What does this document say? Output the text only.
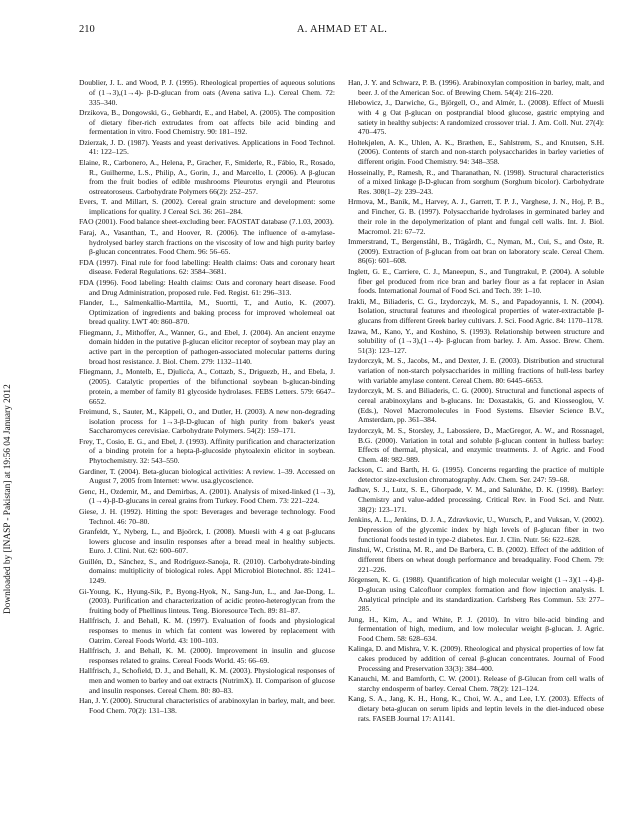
210	A. AHMAD ET AL.
Downloaded by [INASP - Pakistan] at 19:56 04 January 2012

Doublier, J. L. and Wood, P. J. (1995). Rheological properties of aqueous solutions of (1→3),(1→4)- β-D-glucan from oats (Avena sativa L.). Cereal Chem. 72: 335–340.

Drzikova, B., Dongowski, G., Gebhardt, E., and Habel, A. (2005). The composition of dietary fiber-rich extrudates from oat affects bile acid binding and fermentation in vitro. Food Chemistry. 90: 181–192.

Dzierzak, J. D. (1987). Yeasts and yeast derivatives. Applications in Food Technol. 41: 122–125.

Elaine, R., Carbonero, A., Helena, P., Gracher, F., Smiderle, R., Fábio, R., Rosado, R., Guilherme, L.S., Philip, A., Gorin, J., and Marcello, I. (2006). A β-glucan from the fruit bodies of edible mushrooms Pleurotus eryngii and Pleurotus ostreatoroseus. Carbohydrate Polymers 66(2): 252–257.

Evers, T. and Millart, S. (2002). Cereal grain structure and development: some implications for quality. J Cereal Sci. 36: 261–284.

FAO (2001). Food balance sheet-excluding beer. FAOSTAT database (7.1.03, 2003).

Faraj, A., Vasanthan, T., and Hoover, R. (2006). The influence of α-amylase-hydrolysed barley starch fractions on the viscosity of low and high purity barley β-glucan concentrates. Food Chem. 96: 56–65.

FDA (1997). Final rule for food labelling: Health claims: Oats and coronary heart disease. Federal Regulations. 62: 3584–3681.

FDA (1996). Food labeling: Health claims: Oats and coronary heart disease. Food and Drug Administration, proposed rule. Fed. Regist. 61: 296–313.

Flander, L., Salmenkallio-Marttila, M., Suortti, T., and Autio, K. (2007). Optimization of ingredients and baking process for improved wholemeal oat bread quality. LWT 40: 860–870.

Fliegmann, J., Mithoffer, A., Wanner, G., and Ebel, J. (2004). An ancient enzyme domain hidden in the putative β-glucan elicitor receptor of soybean may play an active part in the perception of pathogen-associated molecular patterns during broad host resistance. J. Biol. Chem. 279: 1132–1140.

Fliegmann, J., Montelb, E., Djulicća, A., Cottazb, S., Driguezb, H., and Ebela, J. (2005). Catalytic properties of the bifunctional soybean b-glucan-binding protein, a member of family 81 glycoside hydrolases. FEBS Letters. 579: 6647–6652.

Freimund, S., Sauter, M., Käppeli, O., and Dutler, H. (2003). A new non-degrading isolation process for 1→3-β-D-glucan of high purity from baker's yeast Saccharomyces cerevisiae. Carbohydrate Polymers. 54(2): 159–171.

Frey, T., Cosio, E. G., and Ebel, J. (1993). Affinity purification and characterization of a binding protein for a hepta-β-glucoside phytoalexin elicitor in soybean. Phytochemistry. 32: 543–550.

Gardiner, T. (2004). Beta-glucan biological activities: A review. 1–39. Accessed on August 7, 2005 from Internet: www. usa.glycoscience.

Genc, H., Ozdemir, M., and Demirbas, A. (2001). Analysis of mixed-linked (1→3), (1→4)-β-D-glucans in cereal grains from Turkey. Food Chem. 73: 221–224.

Giese, J. H. (1992). Hitting the spot: Beverages and beverage technology. Food Technol. 46: 70–80.

Granfeldt, Y., Nyberg, L., and Bjoörck, I. (2008). Muesli with 4 g oat β-glucans lowers glucose and insulin responses after a bread meal in healthy subjects. Euro. J. Clini. Nut. 62: 600–607.

Guillén, D., Sánchez, S., and Rodríguez-Sanoja, R. (2010). Carbohydrate-binding domains: multiplicity of biological roles. Appl Microbiol Biotechnol. 85: 1241–1249.

Gi-Young, K., Hyung-Sik, P., Byong-Hyok, N., Sang-Jun, L., and Jae-Dong, L. (2003). Purification and characterization of acidic proteo-heteroglycan from the fruiting body of Phellinus linteus. Teng. Bioresource Tech. 89: 81–87.

Hallfrisch, J. and Behall, K. M. (1997). Evaluation of foods and physiological responses to menus in which fat content was lowered by replacement with Oatrim. Cereal Foods World. 43: 100–103.

Hallfrisch, J. and Behall, K. M. (2000). Improvement in insulin and glucose responses related to grains. Cereal Foods World. 45: 66–69.

Hallfrisch, J., Schofield, D. J., and Behall, K. M. (2003). Physiological responses of men and women to barley and oat extracts (NutrimX). II. Comparison of glucose and insulin responses. Cereal Chem. 80: 80–83.

Han, J. Y. (2000). Structural characteristics of arabinoxylan in barley, malt, and beer. Food Chem. 70(2): 131–138.

Han, J. Y. and Schwarz, P. B. (1996). Arabinoxylan composition in barley, malt, and beer. J. of the American Soc. of Brewing Chem. 54(4): 216–220.

Hlebowicz, J., Darwiche, G., Björgell, O., and Almér, L. (2008). Effect of Muesli with 4 g Oat β-glucan on postprandial blood glucose, gastric emptying and satiety in healthy subjects: A randomized crossover trial. J. Am. Coll. Nut. 27(4): 470–475.

Holtekjølen, A. K., Uhlen, A. K., Bræthen, E., Sahlstrøm, S., and Knutsen, S.H. (2006). Contents of starch and non-starch polysaccharides in barley varieties of different origin. Food Chemistry. 94: 348–358.

Hosseinally, P., Ramesh, R., and Tharanathan, N. (1998). Structural characteristics of a mixed linkage β-D-glucan from sorghum (Sorghum bicolor). Carbohydrate Res. 308(1–2): 239–243.

Hrmova, M., Banik, M., Harvey, A. J., Garrett, T. P. J., Varghese, J. N., Hoj, P. B., and Fincher, G. B. (1997). Polysaccharide hydrolases in germinated barley and their role in the depolymerization of plant and fungal cell walls. Int. J. Biol. Macromol. 21: 67–72.

Immerstrand, T., Bergenståhl, B., Trägårdh, C., Nyman, M., Cui, S., and Öste, R. (2009). Extraction of β-glucan from oat bran on laboratory scale. Cereal Chem. 86(6): 601–608.

Inglett, G. E., Carriere, C. J., Maneepun, S., and Tungtrakul, P. (2004). A soluble fiber gel produced from rice bran and barley flour as a fat replacer in Asian foods. International Journal of Food Sci. and Tech. 39: 1–10.

Irakli, M., Biliaderis, C. G., Izydorczyk, M. S., and Papadoyannis, I. N. (2004). Isolation, structural features and rheological properties of water-extractable β-glucans from different Greek barley cultivars. J. Sci. Food Agric. 84: 1170–1178.

Izawa, M., Kano, Y., and Koshino, S. (1993). Relationship between structure and solubility of (1→3),(1→4)- β-glucan from barley. J. Am. Assoc. Brew. Chem. 51(3): 123–127.

Izydorczyk, M. S., Jacobs, M., and Dexter, J. E. (2003). Distribution and structural variation of non-starch polysaccharides in milling fractions of hull-less barley with variable amylase content. Cereal Chem. 80: 6445–6653.

Izydorczyk, M. S. and Biliaderis, C. G. (2000). Structural and functional aspects of cereal arabinoxylans and b-glucans. In: Doxastakis, G. and Kiosseoglou, V. (Eds.), Novel Macromolecules in Food Systems. Elsevier Science B.V., Amsterdam, pp. 361–384.

Izydorczyk, M. S., Storsley, J., Labossiere, D., MacGregor, A. W., and Rossnagel, B.G. (2000). Variation in total and soluble β-glucan content in hulless barley: Effects of thermal, physical, and enzymic treatments. J. of Agric. and Food Chem. 48: 982–989.

Jackson, C. and Barth, H. G. (1995). Concerns regarding the practice of multiple detector size-exclusion chromatography. Adv. Chem. Ser. 247: 59–68.

Jadhav, S. J., Lutz, S. E., Ghorpade, V. M., and Salunkhe, D. K. (1998). Barley: Chemistry and value-added processing. Critical Rev. in Food Sci. and Nutr. 38(2): 123–171.

Jenkins, A. L., Jenkins, D. J. A., Zdravkovic, U., Wursch, P., and Vuksan, V. (2002). Depression of the glycemic index by high levels of β-glucan fiber in two functional foods tested in type-2 diabetes. Eur. J. Clin. Nutr. 56: 622–628.

Jinshui, W., Cristina, M. R., and De Barbera, C. B. (2002). Effect of the addition of different fibers on wheat dough performance and breadquality. Food Chem. 79: 221–226.

Jörgensen, K. G. (1988). Quantification of high molecular weight (1→3)(1→4)-β-D-glucan using Calcofluor complex formation and flow injection analysis. I. Analytical principle and its standardization. Carlsberg Res Commun. 53: 277–285.

Jung, H., Kim, A., and White, P. J. (2010). In vitro bile-acid binding and fermentation of high, medium, and low molecular weight β-glucan. J. Agric. Food Chem. 58: 628–634.

Kalinga, D. and Mishra, V. K. (2009). Rheological and physical properties of low fat cakes produced by addition of cereal β-glucan concentrates. Journal of Food Processing and Preservation 33(3): 384–400.

Kanauchi, M. and Bamforth, C. W. (2001). Release of β-Glucan from cell walls of starchy endosperm of barley. Cereal Chem. 78(2): 121–124.

Kang, S. A., Jang, K. H., Hong, K., Choi, W. A., and Lee, I.Y. (2003). Effects of dietary beta-glucan on serum lipids and leptin levels in the diet-induced obese rats. FASEB Journal 17: A1141.
